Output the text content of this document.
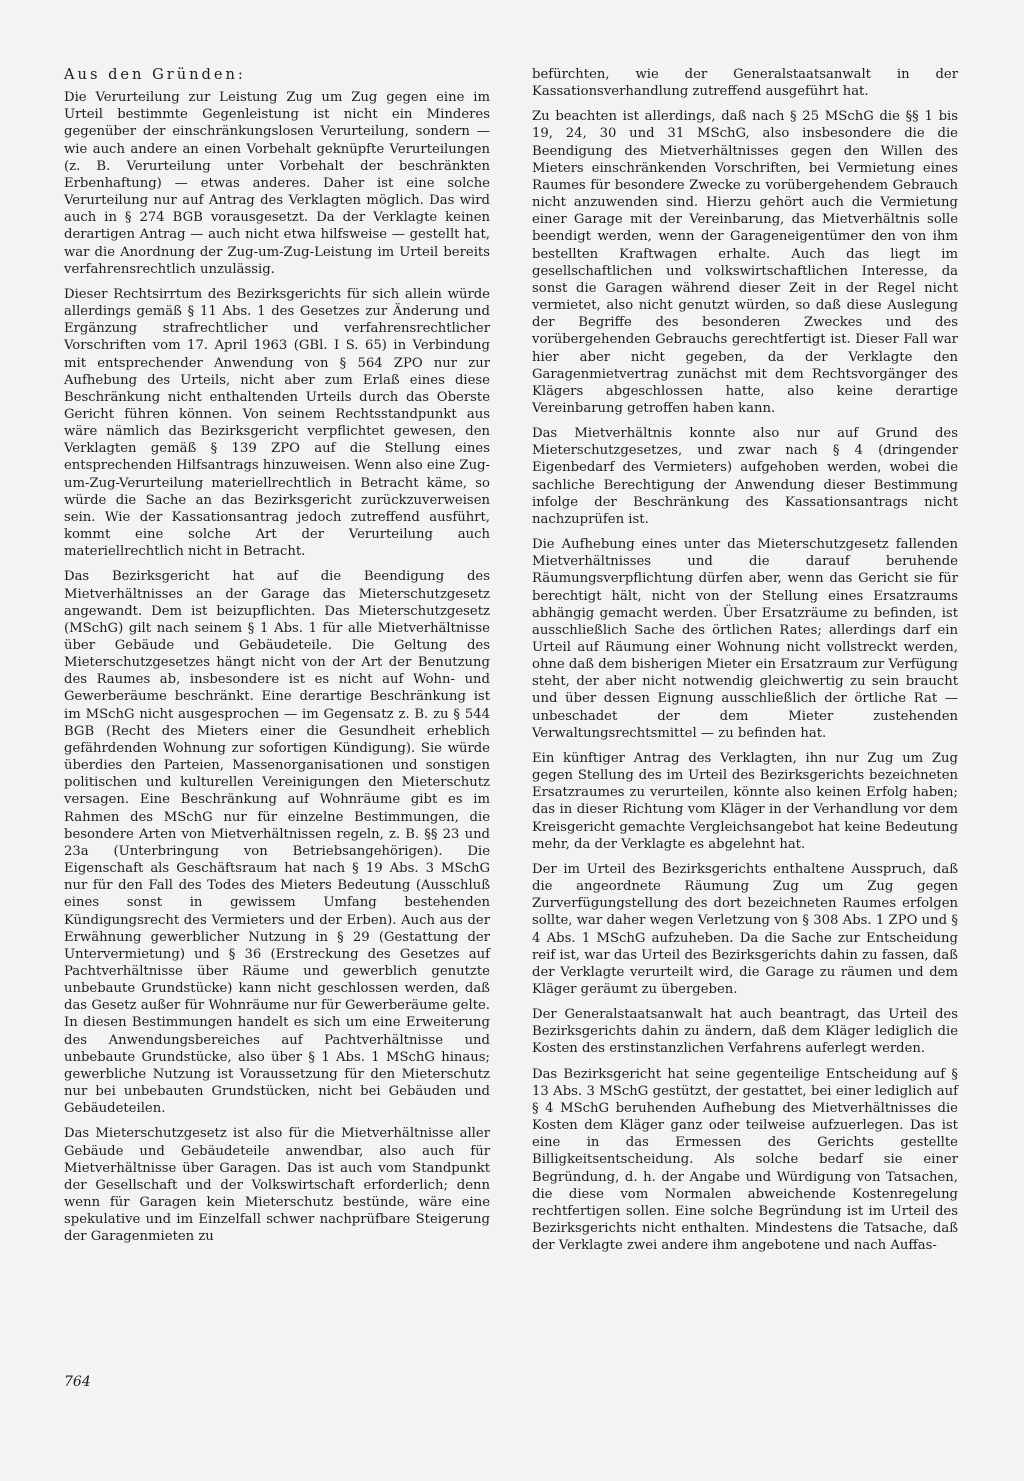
Aus den Gründen:

Die Verurteilung zur Leistung Zug um Zug gegen eine im Urteil bestimmte Gegenleistung ist nicht ein Minderes gegenüber der einschränkungslosen Verurteilung, sondern — wie auch andere an einen Vorbehalt geknüpfte Verurteilungen (z. B. Verurteilung unter Vorbehalt der beschränkten Erbenhaftung) — etwas anderes. Daher ist eine solche Verurteilung nur auf Antrag des Verklagten möglich. Das wird auch in § 274 BGB vorausgesetzt. Da der Verklagte keinen derartigen Antrag — auch nicht etwa hilfsweise — gestellt hat, war die Anordnung der Zug-um-Zug-Leistung im Urteil bereits verfahrensrechtlich unzulässig.

Dieser Rechtsirrtum des Bezirksgerichts für sich allein würde allerdings gemäß § 11 Abs. 1 des Gesetzes zur Änderung und Ergänzung strafrechtlicher und verfahrensrechtlicher Vorschriften vom 17. April 1963 (GBl. I S. 65) in Verbindung mit entsprechender Anwendung von § 564 ZPO nur zur Aufhebung des Urteils, nicht aber zum Erlaß eines diese Beschränkung nicht enthaltenden Urteils durch das Oberste Gericht führen können. Von seinem Rechtsstandpunkt aus wäre nämlich das Bezirksgericht verpflichtet gewesen, den Verklagten gemäß § 139 ZPO auf die Stellung eines entsprechenden Hilfsantrags hinzuweisen. Wenn also eine Zug-um-Zug-Verurteilung materiellrechtlich in Betracht käme, so würde die Sache an das Bezirksgericht zurückzuverweisen sein. Wie der Kassationsantrag jedoch zutreffend ausführt, kommt eine solche Art der Verurteilung auch materiellrechtlich nicht in Betracht.

Das Bezirksgericht hat auf die Beendigung des Mietverhältnisses an der Garage das Mieterschutzgesetz angewandt. Dem ist beizupflichten. Das Mieterschutzgesetz (MSchG) gilt nach seinem § 1 Abs. 1 für alle Mietverhältnisse über Gebäude und Gebäudeteile. Die Geltung des Mieterschutzgesetzes hängt nicht von der Art der Benutzung des Raumes ab, insbesondere ist es nicht auf Wohn- und Gewerberäume beschränkt. Eine derartige Beschränkung ist im MSchG nicht ausgesprochen — im Gegensatz z. B. zu § 544 BGB (Recht des Mieters einer die Gesundheit erheblich gefährdenden Wohnung zur sofortigen Kündigung). Sie würde überdies den Parteien, Massenorganisationen und sonstigen politischen und kulturellen Vereinigungen den Mieterschutz versagen. Eine Beschränkung auf Wohnräume gibt es im Rahmen des MSchG nur für einzelne Bestimmungen, die besondere Arten von Mietverhältnissen regeln, z. B. §§ 23 und 23a (Unterbringung von Betriebsangehörigen). Die Eigenschaft als Geschäftsraum hat nach § 19 Abs. 3 MSchG nur für den Fall des Todes des Mieters Bedeutung (Ausschluß eines sonst in gewissem Umfang bestehenden Kündigungsrecht des Vermieters und der Erben). Auch aus der Erwähnung gewerblicher Nutzung in § 29 (Gestattung der Untervermietung) und § 36 (Erstreckung des Gesetzes auf Pachtverhältnisse über Räume und gewerblich genutzte unbebaute Grundstücke) kann nicht geschlossen werden, daß das Gesetz außer für Wohnräume nur für Gewerberäume gelte. In diesen Bestimmungen handelt es sich um eine Erweiterung des Anwendungsbereiches auf Pachtverhältnisse und unbebaute Grundstücke, also über § 1 Abs. 1 MSchG hinaus; gewerbliche Nutzung ist Voraussetzung für den Mieterschutz nur bei unbebauten Grundstücken, nicht bei Gebäuden und Gebäudeteilen.

Das Mieterschutzgesetz ist also für die Mietverhältnisse aller Gebäude und Gebäudeteile anwendbar, also auch für Mietverhältnisse über Garagen. Das ist auch vom Standpunkt der Gesellschaft und der Volkswirtschaft erforderlich; denn wenn für Garagen kein Mieterschutz bestünde, wäre eine spekulative und im Einzelfall schwer nachprüfbare Steigerung der Garagenmieten zu

befürchten, wie der Generalstaatsanwalt in der Kassationsverhandlung zutreffend ausgeführt hat.

Zu beachten ist allerdings, daß nach § 25 MSchG die §§ 1 bis 19, 24, 30 und 31 MSchG, also insbesondere die die Beendigung des Mietverhältnisses gegen den Willen des Mieters einschränkenden Vorschriften, bei Vermietung eines Raumes für besondere Zwecke zu vorübergehendem Gebrauch nicht anzuwenden sind. Hierzu gehört auch die Vermietung einer Garage mit der Vereinbarung, das Mietverhältnis solle beendigt werden, wenn der Garageneigentümer den von ihm bestellten Kraftwagen erhalte. Auch das liegt im gesellschaftlichen und volkswirtschaftlichen Interesse, da sonst die Garagen während dieser Zeit in der Regel nicht vermietet, also nicht genutzt würden, so daß diese Auslegung der Begriffe des besonderen Zweckes und des vorübergehenden Gebrauchs gerechtfertigt ist. Dieser Fall war hier aber nicht gegeben, da der Verklagte den Garagenmietvertrag zunächst mit dem Rechtsvorgänger des Klägers abgeschlossen hatte, also keine derartige Vereinbarung getroffen haben kann.

Das Mietverhältnis konnte also nur auf Grund des Mieterschutzgesetzes, und zwar nach § 4 (dringender Eigenbedarf des Vermieters) aufgehoben werden, wobei die sachliche Berechtigung der Anwendung dieser Bestimmung infolge der Beschränkung des Kassationsantrags nicht nachzuprüfen ist.

Die Aufhebung eines unter das Mieterschutzgesetz fallenden Mietverhältnisses und die darauf beruhende Räumungsverpflichtung dürfen aber, wenn das Gericht sie für berechtigt hält, nicht von der Stellung eines Ersatzraums abhängig gemacht werden. Über Ersatzräume zu befinden, ist ausschließlich Sache des örtlichen Rates; allerdings darf ein Urteil auf Räumung einer Wohnung nicht vollstreckt werden, ohne daß dem bisherigen Mieter ein Ersatzraum zur Verfügung steht, der aber nicht notwendig gleichwertig zu sein braucht und über dessen Eignung ausschließlich der örtliche Rat — unbeschadet der dem Mieter zustehenden Verwaltungsrechtsmittel — zu befinden hat.

Ein künftiger Antrag des Verklagten, ihn nur Zug um Zug gegen Stellung des im Urteil des Bezirksgerichts bezeichneten Ersatzraumes zu verurteilen, könnte also keinen Erfolg haben; das in dieser Richtung vom Kläger in der Verhandlung vor dem Kreisgericht gemachte Vergleichsangebot hat keine Bedeutung mehr, da der Verklagte es abgelehnt hat.

Der im Urteil des Bezirksgerichts enthaltene Ausspruch, daß die angeordnete Räumung Zug um Zug gegen Zurverfügungstellung des dort bezeichneten Raumes erfolgen sollte, war daher wegen Verletzung von § 308 Abs. 1 ZPO und § 4 Abs. 1 MSchG aufzuheben. Da die Sache zur Entscheidung reif ist, war das Urteil des Bezirksgerichts dahin zu fassen, daß der Verklagte verurteilt wird, die Garage zu räumen und dem Kläger geräumt zu übergeben.

Der Generalstaatsanwalt hat auch beantragt, das Urteil des Bezirksgerichts dahin zu ändern, daß dem Kläger lediglich die Kosten des erstinstanzlichen Verfahrens auferlegt werden.

Das Bezirksgericht hat seine gegenteilige Entscheidung auf § 13 Abs. 3 MSchG gestützt, der gestattet, bei einer lediglich auf § 4 MSchG beruhenden Aufhebung des Mietverhältnisses die Kosten dem Kläger ganz oder teilweise aufzuerlegen. Das ist eine in das Ermessen des Gerichts gestellte Billigkeitsentscheidung. Als solche bedarf sie einer Begründung, d. h. der Angabe und Würdigung von Tatsachen, die diese vom Normalen abweichende Kostenregelung rechtfertigen sollen. Eine solche Begründung ist im Urteil des Bezirksgerichts nicht enthalten. Mindestens die Tatsache, daß der Verklagte zwei andere ihm angebotene und nach Auffas-

764
